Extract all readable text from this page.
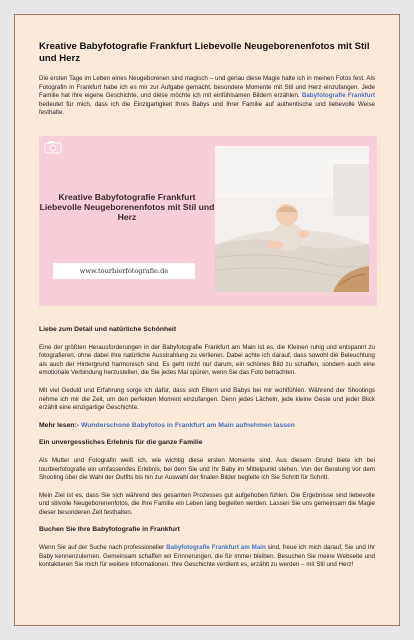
Kreative Babyfotografie Frankfurt Liebevolle Neugeborenenfotos mit Stil und Herz

Die ersten Tage im Leben eines Neugeborenen sind magisch – und genau diese Magie halte ich in meinen Fotos fest. Als Fotografin in Frankfurt habe ich es mir zur Aufgabe gemacht, besondere Momente mit Stil und Herz einzufangen. Jede Familie hat ihre eigene Geschichte, und diese möchte ich mit einfühlsamen Bildern erzählen. Babyfotografie Frankfurt bedeutet für mich, dass ich die Einzigartigkeit Ihres Babys und Ihrer Familie auf authentische und liebevolle Weise festhalte.

Kreative Babyfotografie Frankfurt Liebevolle Neugeborenenfotos mit Stil und Herz
www.tourbierfotografie.de
Liebe zum Detail und natürliche Schönheit

Eine der größten Herausforderungen in der Babyfotografie Frankfurt am Main ist es, die Kleinen ruhig und entspannt zu fotografieren, ohne dabei ihre natürliche Ausstrahlung zu verlieren. Dabei achte ich darauf, dass sowohl die Beleuchtung als auch der Hintergrund harmonisch sind. Es geht nicht nur darum, ein schönes Bild zu schaffen, sondern auch eine emotionale Verbindung herzustellen, die Sie jedes Mal spüren, wenn Sie das Foto betrachten.

Mit viel Geduld und Erfahrung sorge ich dafür, dass sich Eltern und Babys bei mir wohlfühlen. Während der Shootings nehme ich mir die Zeit, um den perfekten Moment einzufangen. Denn jedes Lächeln, jede kleine Geste und jeder Blick erzählt eine einzigartige Geschichte.

Mehr lesen:- Wunderschone Babyfotos in Frankfurt am Main aufnehmen lassen
Ein unvergessliches Erlebnis für die ganze Familie

Als Mutter und Fotografin weiß ich, wie wichtig diese ersten Momente sind. Aus diesem Grund biete ich bei tourbierfotografie ein umfassendes Erlebnis, bei dem Sie und Ihr Baby im Mittelpunkt stehen. Von der Beratung vor dem Shooting über die Wahl der Outfits bis hin zur Auswahl der finalen Bilder begleite ich Sie Schritt für Schritt.

Mein Ziel ist es, dass Sie sich während des gesamten Prozesses gut aufgehoben fühlen. Die Ergebnisse sind liebevolle und stilvolle Neugeborenenfotos, die Ihre Familie ein Leben lang begleiten werden. Lassen Sie uns gemeinsam die Magie dieser besonderen Zeit festhalten.

Buchen Sie Ihre Babyfotografie in Frankfurt

Wenn Sie auf der Suche nach professioneller Babyfotografie Frankfurt am Main sind, freue ich mich darauf, Sie und Ihr Baby kennenzulernen. Gemeinsam schaffen wir Erinnerungen, die für immer bleiben. Besuchen Sie meine Webseite und kontaktieren Sie mich für weitere Informationen. Ihre Geschichte verdient es, erzählt zu werden – mit Stil und Herz!
